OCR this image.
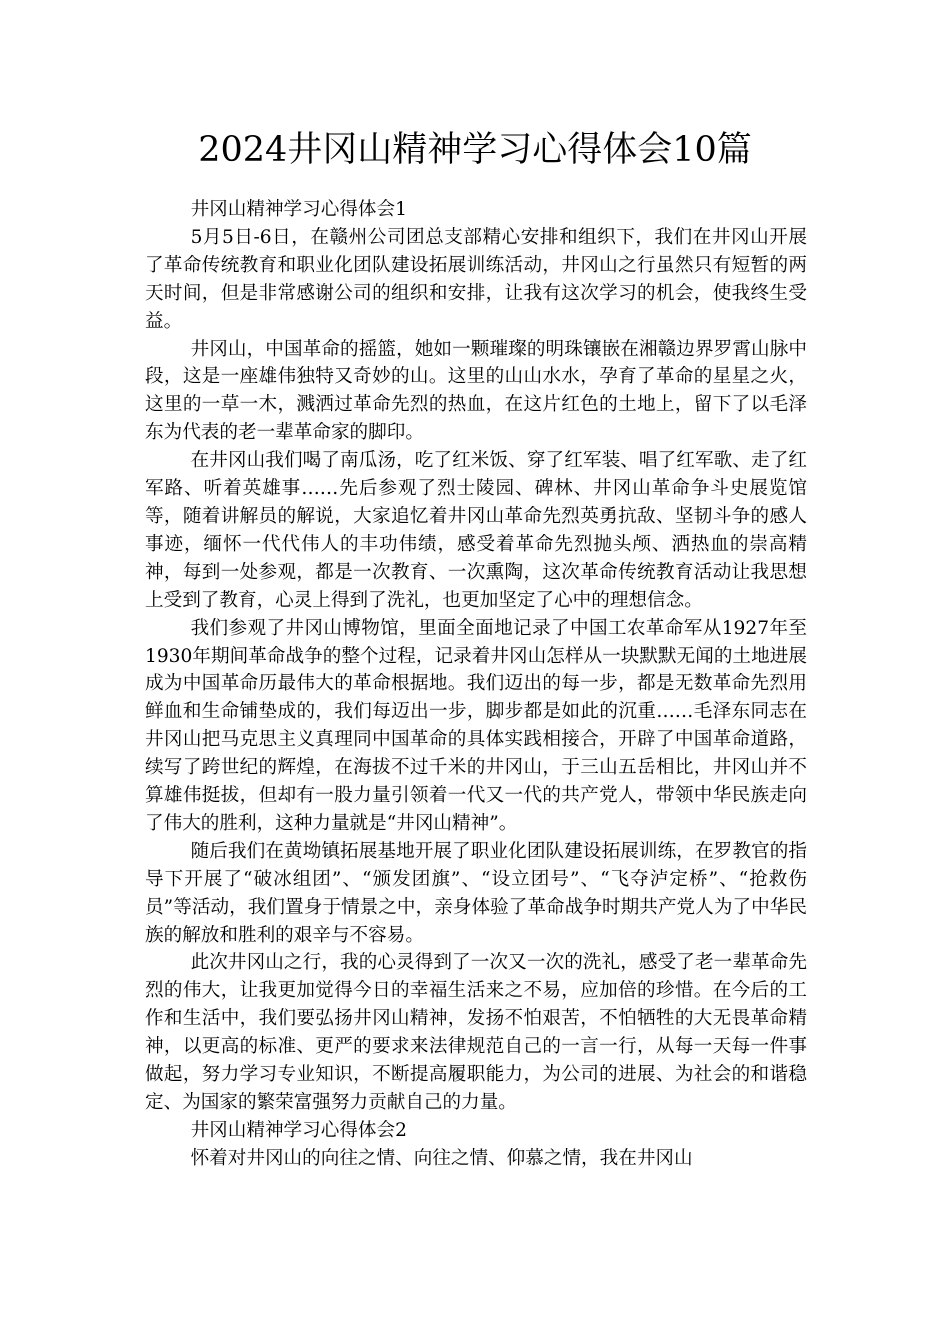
2024井冈山精神学习心得体会10篇

井冈山精神学习心得体会1

5月5日-6日，在赣州公司团总支部精心安排和组织下，我们在井冈山开展了革命传统教育和职业化团队建设拓展训练活动，井冈山之行虽然只有短暂的两天时间，但是非常感谢公司的组织和安排，让我有这次学习的机会，使我终生受益。

井冈山，中国革命的摇篮，她如一颗璀璨的明珠镶嵌在湘赣边界罗霄山脉中段，这是一座雄伟独特又奇妙的山。这里的山山水水，孕育了革命的星星之火，这里的一草一木，溅洒过革命先烈的热血，在这片红色的土地上，留下了以毛泽东为代表的老一辈革命家的脚印。

在井冈山我们喝了南瓜汤，吃了红米饭、穿了红军装、唱了红军歌、走了红军路、听着英雄事……先后参观了烈士陵园、碑林、井冈山革命争斗史展览馆等，随着讲解员的解说，大家追忆着井冈山革命先烈英勇抗敌、坚韧斗争的感人事迹，缅怀一代代伟人的丰功伟绩，感受着革命先烈抛头颅、洒热血的崇高精神，每到一处参观，都是一次教育、一次熏陶，这次革命传统教育活动让我思想上受到了教育，心灵上得到了洗礼，也更加坚定了心中的理想信念。

我们参观了井冈山博物馆，里面全面地记录了中国工农革命军从1927年至1930年期间革命战争的整个过程，记录着井冈山怎样从一块默默无闻的土地进展成为中国革命历最伟大的革命根据地。我们迈出的每一步，都是无数革命先烈用鲜血和生命铺垫成的，我们每迈出一步，脚步都是如此的沉重……毛泽东同志在井冈山把马克思主义真理同中国革命的具体实践相接合，开辟了中国革命道路，续写了跨世纪的辉煌，在海拔不过千米的井冈山，于三山五岳相比，井冈山并不算雄伟挺拔，但却有一股力量引领着一代又一代的共产党人，带领中华民族走向了伟大的胜利，这种力量就是“井冈山精神”。

随后我们在黄坳镇拓展基地开展了职业化团队建设拓展训练，在罗教官的指导下开展了“破冰组团”、“颁发团旗”、“设立团号”、“飞夺泸定桥”、“抢救伤员”等活动，我们置身于情景之中，亲身体验了革命战争时期共产党人为了中华民族的解放和胜利的艰辛与不容易。

此次井冈山之行，我的心灵得到了一次又一次的洗礼，感受了老一辈革命先烈的伟大，让我更加觉得今日的幸福生活来之不易，应加倍的珍惜。在今后的工作和生活中，我们要弘扬井冈山精神，发扬不怕艰苦，不怕牺牲的大无畏革命精神，以更高的标准、更严的要求来法律规范自己的一言一行，从每一天每一件事做起，努力学习专业知识，不断提高履职能力，为公司的进展、为社会的和谐稳定、为国家的繁荣富强努力贡献自己的力量。

井冈山精神学习心得体会2

怀着对井冈山的向往之情、向往之情、仰慕之情，我在井冈山
